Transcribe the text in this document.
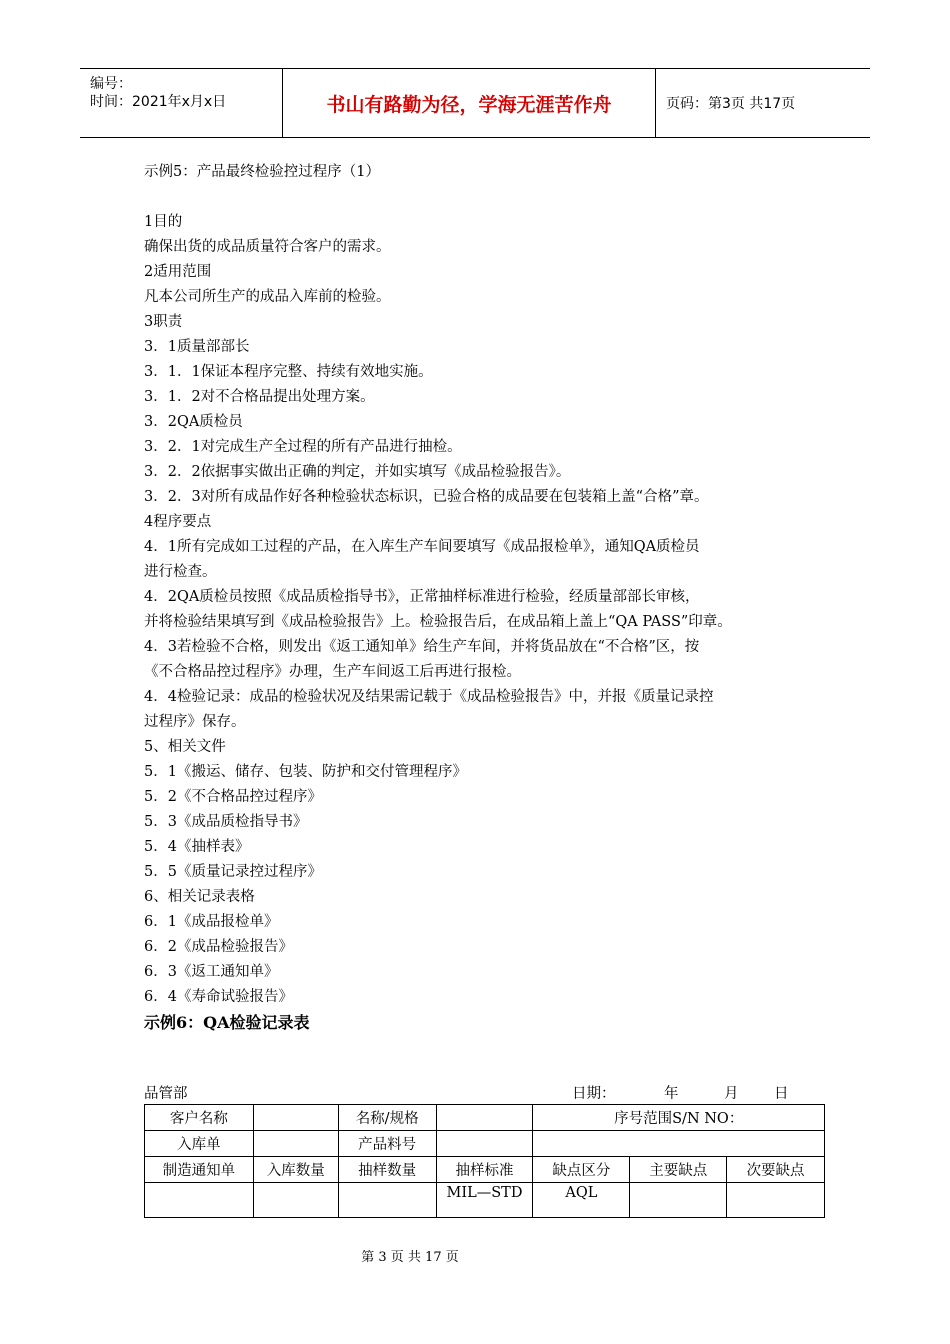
编号：
时间：2021年x月x日	书山有路勤为径，学海无涯苦作舟	页码：第3页 共17页
示例5：产品最终检验控过程序（1）
1目的
确保出货的成品质量符合客户的需求。
2适用范围
凡本公司所生产的成品入库前的检验。
3职责
3．1质量部部长
3．1．1保证本程序完整、持续有效地实施。
3．1．2对不合格品提出处理方案。
3．2QA质检员
3．2．1对完成生产全过程的所有产品进行抽检。
3．2．2依据事实做出正确的判定，并如实填写《成品检验报告》。
3．2．3对所有成品作好各种检验状态标识，已验合格的成品要在包装箱上盖“合格”章。
4程序要点
4．1所有完成如工过程的产品，在入库生产车间要填写《成品报检单》，通知QA质检员
进行检查。
4．2QA质检员按照《成品质检指导书》，正常抽样标准进行检验，经质量部部长审核，
并将检验结果填写到《成品检验报告》上。检验报告后，在成品箱上盖上“QA PASS”印章。
4．3若检验不合格，则发出《返工通知单》给生产车间，并将货品放在“不合格”区，按
《不合格品控过程序》办理，生产车间返工后再进行报检。
4．4检验记录：成品的检验状况及结果需记载于《成品检验报告》中，并报《质量记录控
过程序》保存。
5、相关文件
5．1《搬运、储存、包装、防护和交付管理程序》
5．2《不合格品控过程序》
5．3《成品质检指导书》
5．4《抽样表》
5．5《质量记录控过程序》
6、相关记录表格
6．1《成品报检单》
6．2《成品检验报告》
6．3《返工通知单》
6．4《寿命试验报告》
示例6：QA检验记录表
品管部	日期：	年	月 日
客户名称		名称/规格		序号范围S/N NO：		
入库单		产品料号				
制造通知单	入库数量	抽样数量	抽样标准	缺点区分	主要缺点	次要缺点
			MIL—STD	AQL		
第 3 页 共 17 页
